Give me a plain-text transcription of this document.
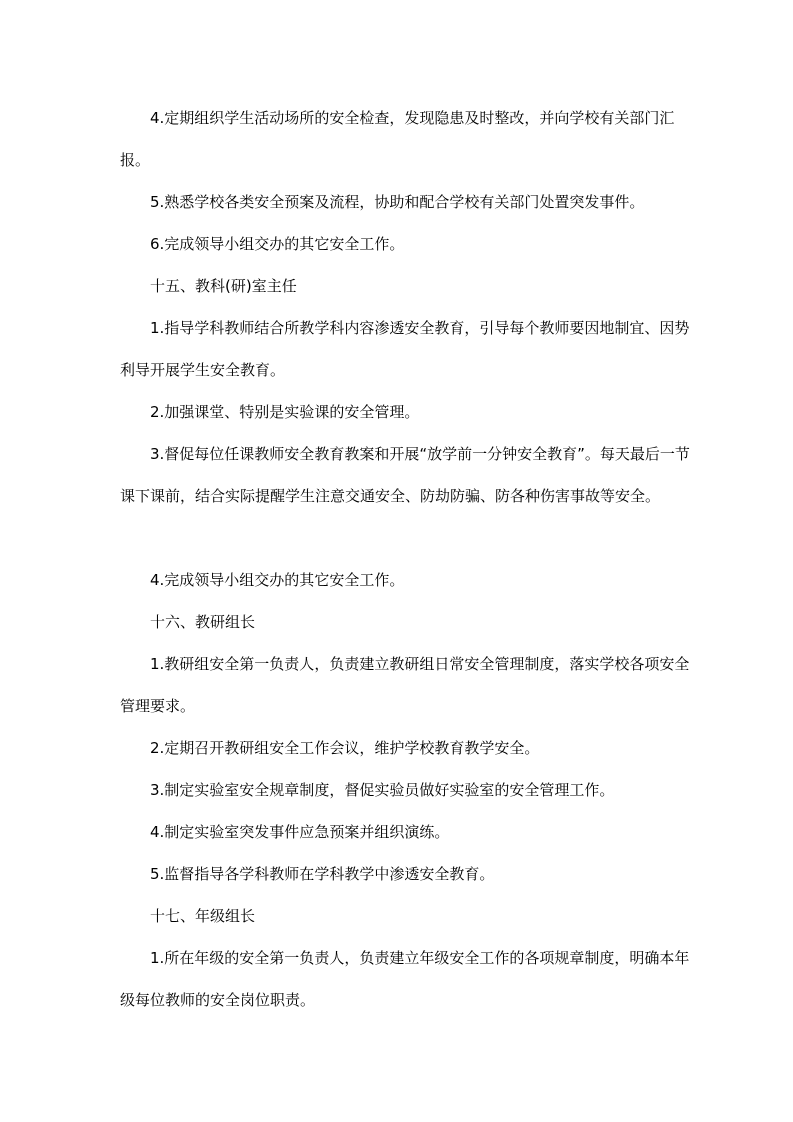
4.定期组织学生活动场所的安全检查，发现隐患及时整改，并向学校有关部门汇报。

5.熟悉学校各类安全预案及流程，协助和配合学校有关部门处置突发事件。

6.完成领导小组交办的其它安全工作。

十五、教科(研)室主任

1.指导学科教师结合所教学科内容渗透安全教育，引导每个教师要因地制宜、因势利导开展学生安全教育。

2.加强课堂、特别是实验课的安全管理。

3.督促每位任课教师安全教育教案和开展“放学前一分钟安全教育”。每天最后一节课下课前，结合实际提醒学生注意交通安全、防劫防骗、防各种伤害事故等安全。

4.完成领导小组交办的其它安全工作。

十六、教研组长

1.教研组安全第一负责人，负责建立教研组日常安全管理制度，落实学校各项安全管理要求。

2.定期召开教研组安全工作会议，维护学校教育教学安全。

3.制定实验室安全规章制度，督促实验员做好实验室的安全管理工作。

4.制定实验室突发事件应急预案并组织演练。

5.监督指导各学科教师在学科教学中渗透安全教育。

十七、年级组长

1.所在年级的安全第一负责人，负责建立年级安全工作的各项规章制度，明确本年级每位教师的安全岗位职责。
